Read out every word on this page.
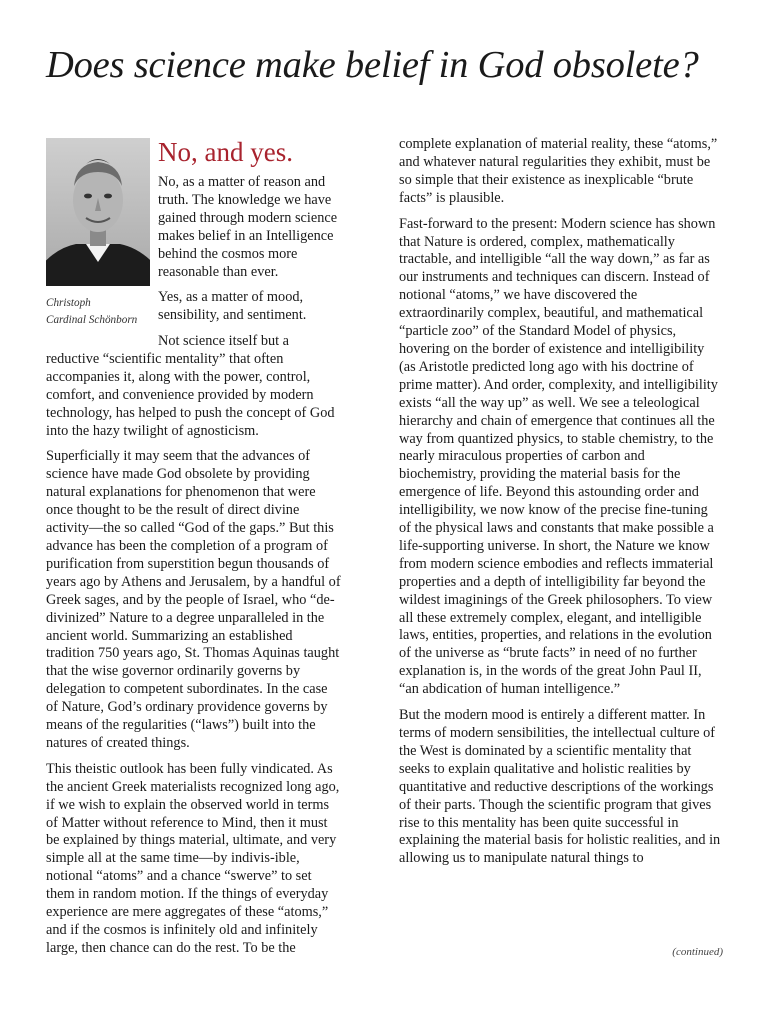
Does science make belief in God obsolete?
Christoph
Cardinal Schönborn
No, and yes.

No, as a matter of reason and truth. The knowledge we have gained through modern science makes belief in an Intelligence behind the cosmos more reasonable than ever.

Yes, as a matter of mood, sensibility, and sentiment.

Not science itself but a reductive “scientific mentality” that often accompanies it, along with the power, control, comfort, and convenience provided by modern technology, has helped to push the concept of God into the hazy twilight of agnosticism.

Superficially it may seem that the advances of science have made God obsolete by providing natural explanations for phenomenon that were once thought to be the result of direct divine activity—the so called “God of the gaps.” But this advance has been the completion of a program of purification from superstition begun thousands of years ago by Athens and Jerusalem, by a handful of Greek sages, and by the people of Israel, who “de-divinized” Nature to a degree unparalleled in the ancient world. Summarizing an established tradition 750 years ago, St. Thomas Aquinas taught that the wise governor ordinarily governs by delegation to competent subordinates. In the case of Nature, God’s ordinary providence governs by means of the regularities (“laws”) built into the natures of created things.

This theistic outlook has been fully vindicated. As the ancient Greek materialists recognized long ago, if we wish to explain the observed world in terms of Matter without reference to Mind, then it must be explained by things material, ultimate, and very simple all at the same time—by indivis-ible, notional “atoms” and a chance “swerve” to set them in random motion. If the things of everyday experience are mere aggregates of these “atoms,” and if the cosmos is infinitely old and infinitely large, then chance can do the rest. To be the

complete explanation of material reality, these “atoms,” and whatever natural regularities they exhibit, must be so simple that their existence as inexplicable “brute facts” is plausible.

Fast-forward to the present: Modern science has shown that Nature is ordered, complex, mathematically tractable, and intelligible “all the way down,” as far as our instruments and techniques can discern. Instead of notional “atoms,” we have discovered the extraordinarily complex, beautiful, and mathematical “particle zoo” of the Standard Model of physics, hovering on the border of existence and intelligibility (as Aristotle predicted long ago with his doctrine of prime matter). And order, complexity, and intelligibility exists “all the way up” as well. We see a teleological hierarchy and chain of emergence that continues all the way from quantized physics, to stable chemistry, to the nearly miraculous properties of carbon and biochemistry, providing the material basis for the emergence of life. Beyond this astounding order and intelligibility, we now know of the precise fine-tuning of the physical laws and constants that make possible a life-supporting universe. In short, the Nature we know from modern science embodies and reflects immaterial properties and a depth of intelligibility far beyond the wildest imaginings of the Greek philosophers. To view all these extremely complex, elegant, and intelligible laws, entities, properties, and relations in the evolution of the universe as “brute facts” in need of no further explanation is, in the words of the great John Paul II, “an abdication of human intelligence.”

But the modern mood is entirely a different matter. In terms of modern sensibilities, the intellectual culture of the West is dominated by a scientific mentality that seeks to explain qualitative and holistic realities by quantitative and reductive descriptions of the workings of their parts. Though the scientific program that gives rise to this mentality has been quite successful in explaining the material basis for holistic realities, and in allowing us to manipulate natural things to

(continued)
